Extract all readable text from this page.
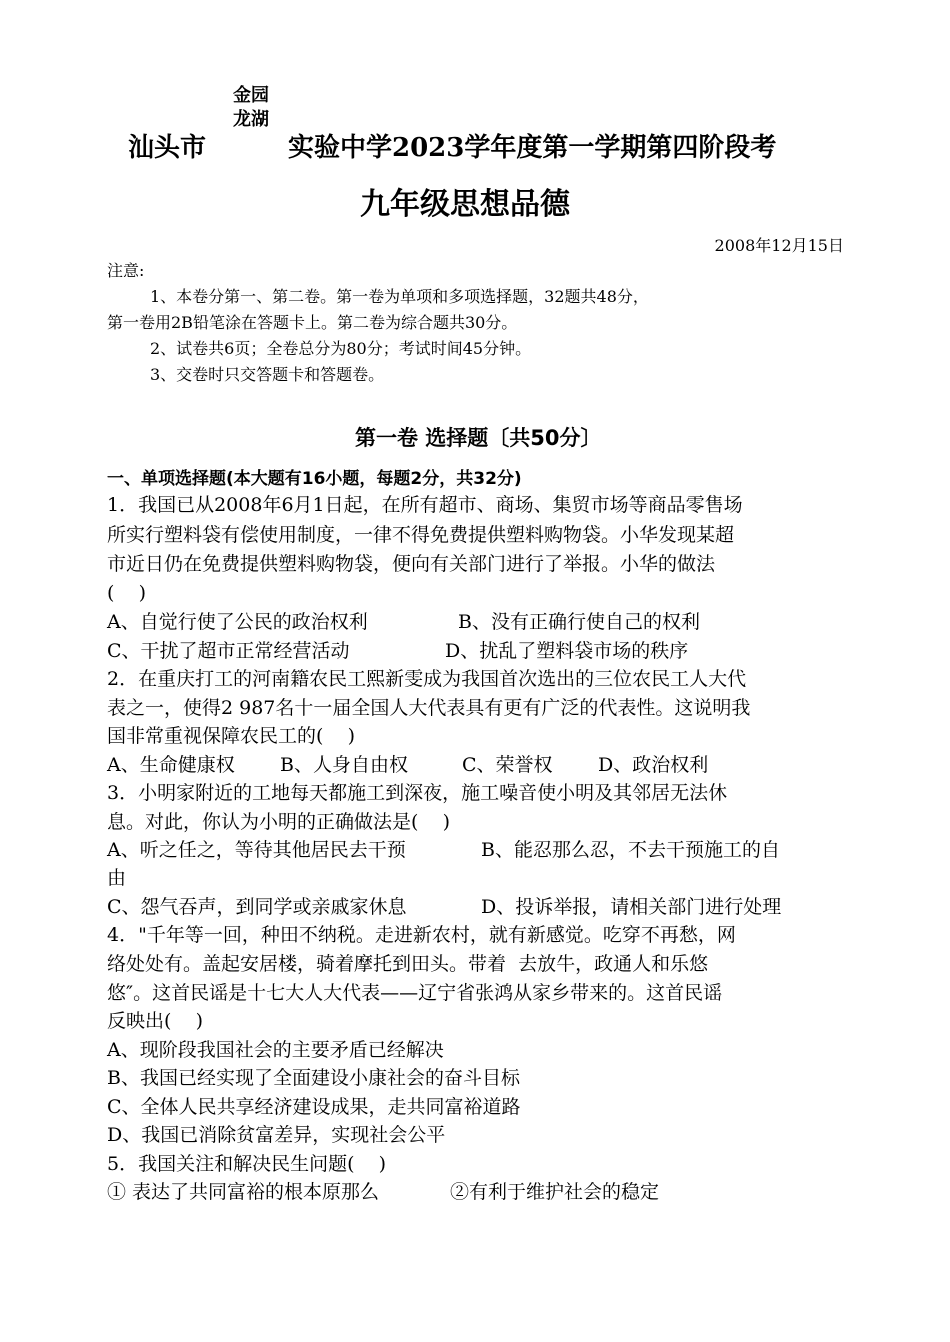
金园
龙湖
汕头市	实验中学2023学年度第一学期第四阶段考
九年级思想品德
2008年12月15日
注意:
1、本卷分第一、第二卷。第一卷为单项和多项选择题，32题共48分，
第一卷用2B铅笔涂在答题卡上。第二卷为综合题共30分。
2、试卷共6页；全卷总分为80分；考试时间45分钟。
3、交卷时只交答题卡和答题卷。
第一卷 选择题〔共50分〕
一、单项选择题(本大题有16小题，每题2分，共32分)
1．我国已从2008年6月1日起，在所有超市、商场、集贸市场等商品零售场
所实行塑料袋有偿使用制度，一律不得免费提供塑料购物袋。小华发现某超
市近日仍在免费提供塑料购物袋，便向有关部门进行了举报。小华的做法
(    )
A、自觉行使了公民的政治权利	B、没有正确行使自己的权利
C、干扰了超市正常经营活动	D、扰乱了塑料袋市场的秩序
2．在重庆打工的河南籍农民工熙新雯成为我国首次选出的三位农民工人大代
表之一，使得2 987名十一届全国人大代表具有更有广泛的代表性。这说明我
国非常重视保障农民工的(    )
A、生命健康权 B、人身自由权	C、荣誉权 D、政治权利
3．小明家附近的工地每天都施工到深夜，施工噪音使小明及其邻居无法休
息。对此，你认为小明的正确做法是(    )
A、听之任之，等待其他居民去干预	B、能忍那么忍，不去干预施工的自
由
C、怨气吞声，到同学或亲戚家休息	D、投诉举报，请相关部门进行处理
4．"千年等一回，种田不纳税。走进新农村，就有新感觉。吃穿不再愁，网
络处处有。盖起安居楼，骑着摩托到田头。带着  去放牛，政通人和乐悠
悠″。这首民谣是十七大人大代表——辽宁省张鸿从家乡带来的。这首民谣
反映出(    )
A、现阶段我国社会的主要矛盾已经解决
B、我国已经实现了全面建设小康社会的奋斗目标
C、全体人民共享经济建设成果，走共同富裕道路
D、我国已消除贫富差异，实现社会公平
5．我国关注和解决民生问题(    )
① 表达了共同富裕的根本原那么	②有利于维护社会的稳定
